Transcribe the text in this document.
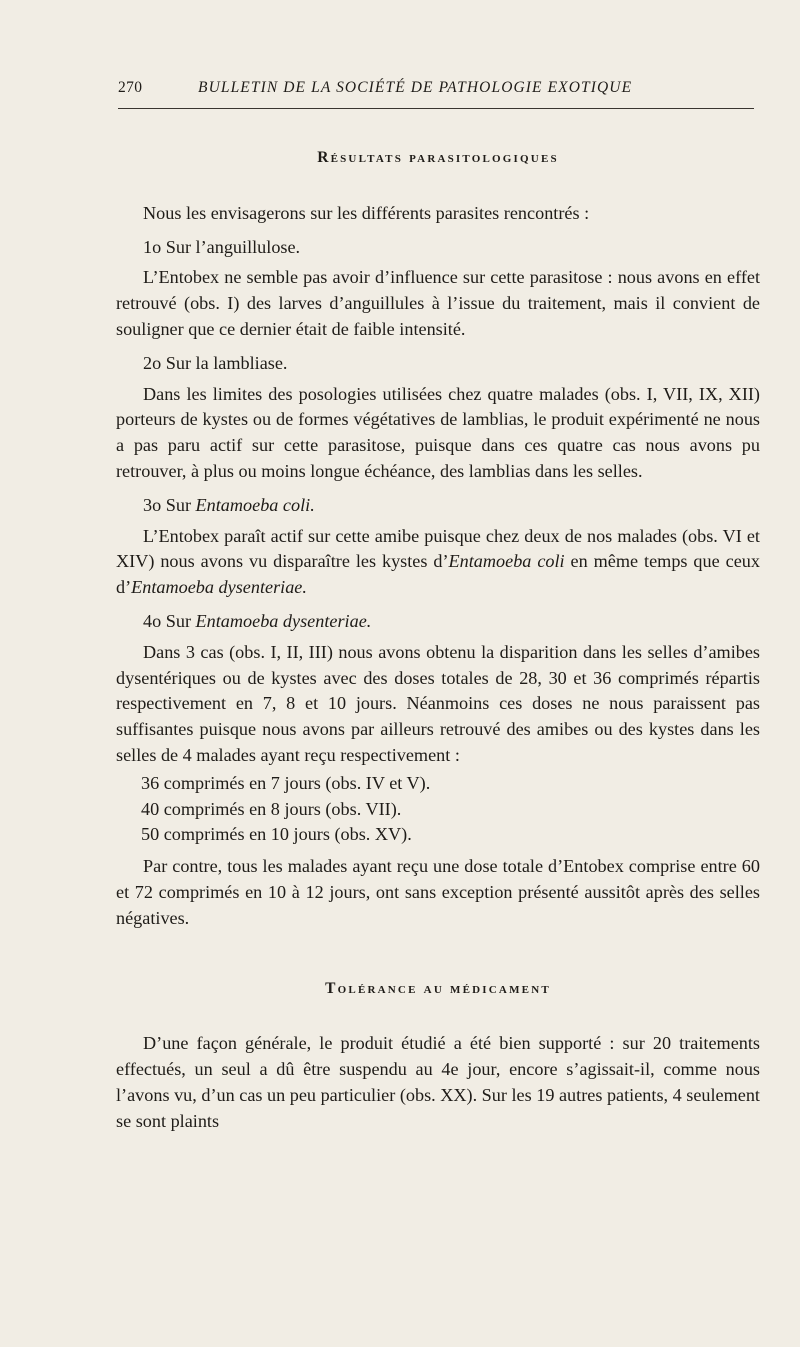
270	BULLETIN DE LA SOCIÉTÉ DE PATHOLOGIE EXOTIQUE
Résultats parasitologiques

Nous les envisagerons sur les différents parasites rencontrés :

1o Sur l’anguillulose.

L’Entobex ne semble pas avoir d’influence sur cette parasitose : nous avons en effet retrouvé (obs. I) des larves d’anguillules à l’issue du traitement, mais il convient de souligner que ce dernier était de faible intensité.

2o Sur la lambliase.

Dans les limites des posologies utilisées chez quatre malades (obs. I, VII, IX, XII) porteurs de kystes ou de formes végétatives de lamblias, le produit expérimenté ne nous a pas paru actif sur cette parasitose, puisque dans ces quatre cas nous avons pu retrouver, à plus ou moins longue échéance, des lamblias dans les selles.

3o Sur Entamoeba coli.

L’Entobex paraît actif sur cette amibe puisque chez deux de nos malades (obs. VI et XIV) nous avons vu disparaître les kystes d’Entamoeba coli en même temps que ceux d’Entamoeba dysenteriae.

4o Sur Entamoeba dysenteriae.

Dans 3 cas (obs. I, II, III) nous avons obtenu la disparition dans les selles d’amibes dysentériques ou de kystes avec des doses totales de 28, 30 et 36 comprimés répartis respectivement en 7, 8 et 10 jours. Néanmoins ces doses ne nous paraissent pas suffisantes puisque nous avons par ailleurs retrouvé des amibes ou des kystes dans les selles de 4 malades ayant reçu respectivement :

36 comprimés en 7 jours (obs. IV et V).
40 comprimés en 8 jours (obs. VII).
50 comprimés en 10 jours (obs. XV).

Par contre, tous les malades ayant reçu une dose totale d’Entobex comprise entre 60 et 72 comprimés en 10 à 12 jours, ont sans exception présenté aussitôt après des selles négatives.

Tolérance au médicament

D’une façon générale, le produit étudié a été bien supporté : sur 20 traitements effectués, un seul a dû être suspendu au 4e jour, encore s’agissait-il, comme nous l’avons vu, d’un cas un peu particulier (obs. XX). Sur les 19 autres patients, 4 seulement se sont plaints
